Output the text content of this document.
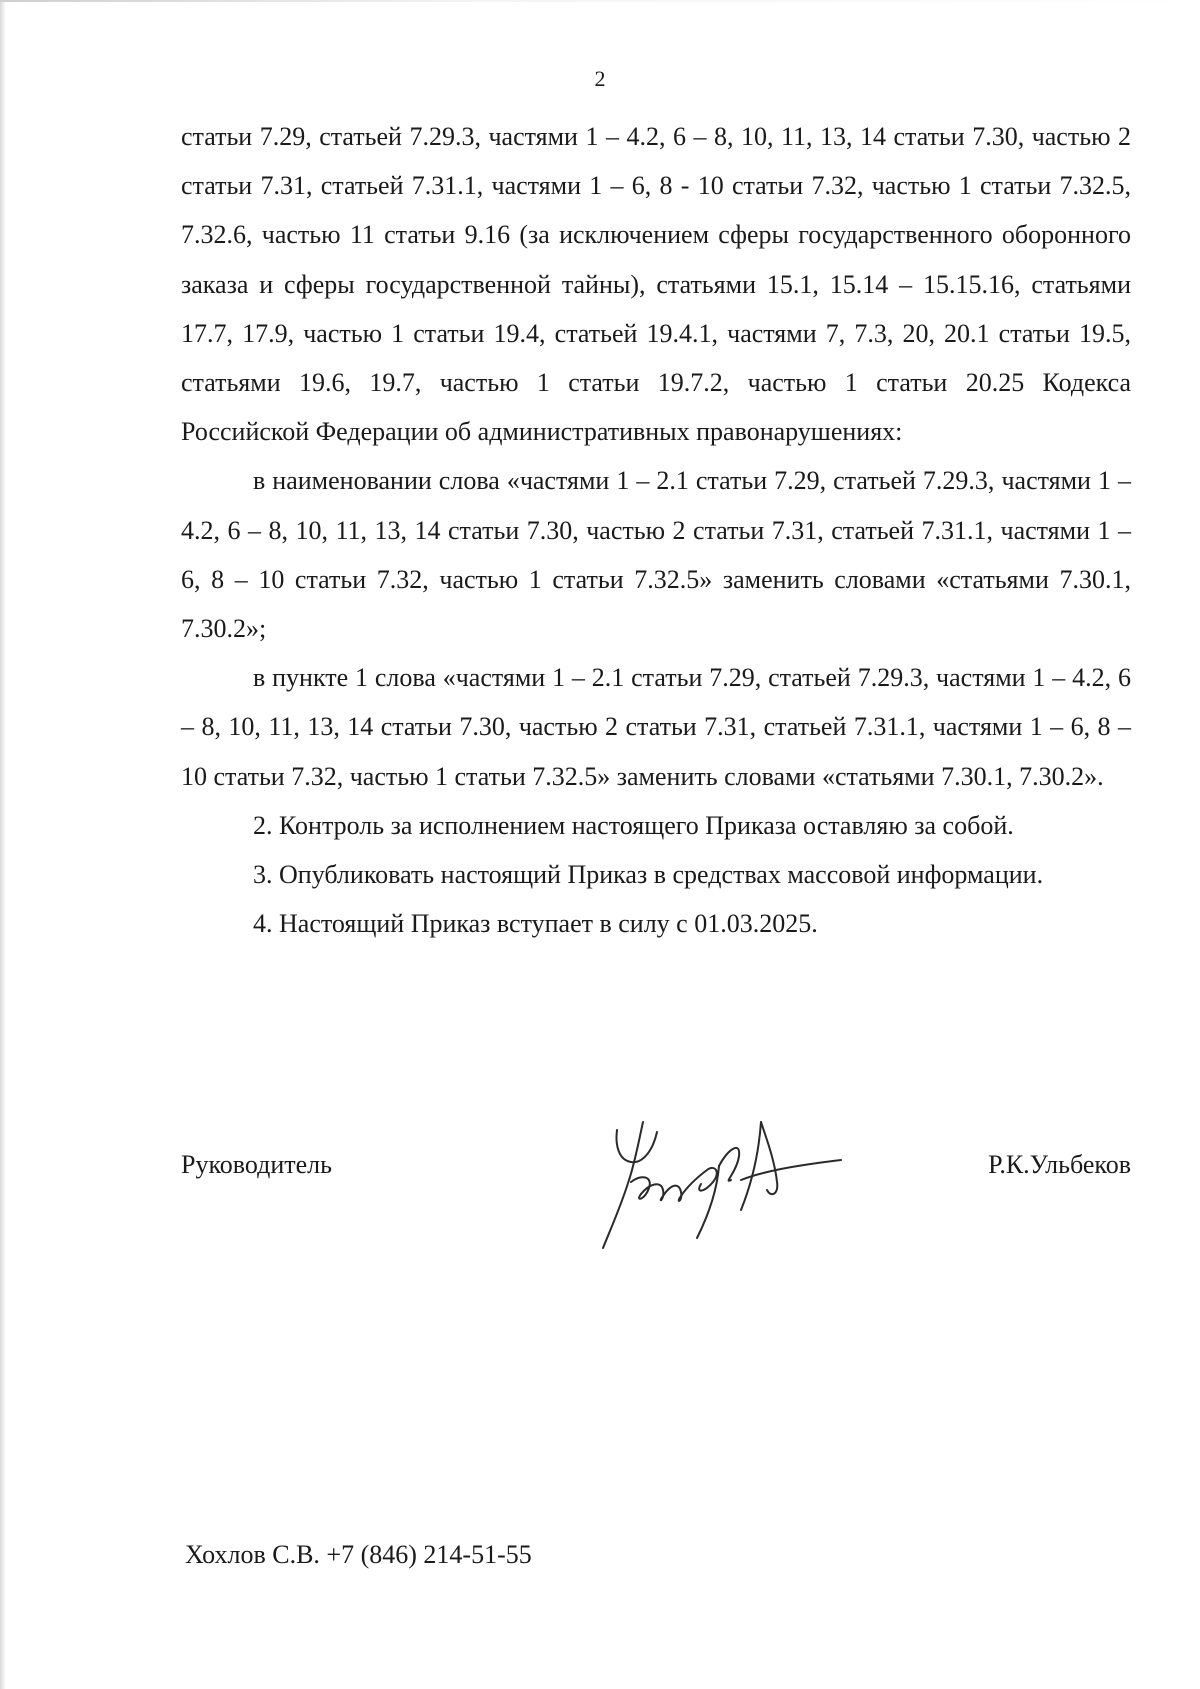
2

статьи 7.29, статьей 7.29.3, частями 1 – 4.2, 6 – 8, 10, 11, 13, 14 статьи 7.30, частью 2 статьи 7.31, статьей 7.31.1, частями 1 – 6, 8 - 10 статьи 7.32, частью 1 статьи 7.32.5, 7.32.6, частью 11 статьи 9.16 (за исключением сферы государственного оборонного заказа и сферы государственной тайны), статьями 15.1, 15.14 – 15.15.16, статьями 17.7, 17.9, частью 1 статьи 19.4, статьей 19.4.1, частями 7, 7.3, 20, 20.1 статьи 19.5, статьями 19.6, 19.7, частью 1 статьи 19.7.2, частью 1 статьи 20.25 Кодекса Российской Федерации об административных правонарушениях:

в наименовании слова «частями 1 – 2.1 статьи 7.29, статьей 7.29.3, частями 1 – 4.2, 6 – 8, 10, 11, 13, 14 статьи 7.30, частью 2 статьи 7.31, статьей 7.31.1, частями 1 – 6, 8 – 10 статьи 7.32, частью 1 статьи 7.32.5» заменить словами «статьями 7.30.1, 7.30.2»;

в пункте 1 слова «частями 1 – 2.1 статьи 7.29, статьей 7.29.3, частями 1 – 4.2, 6 – 8, 10, 11, 13, 14 статьи 7.30, частью 2 статьи 7.31, статьей 7.31.1, частями 1 – 6, 8 – 10 статьи 7.32, частью 1 статьи 7.32.5» заменить словами «статьями 7.30.1, 7.30.2».

2. Контроль за исполнением настоящего Приказа оставляю за собой.

3. Опубликовать настоящий Приказ в средствах массовой информации.

4. Настоящий Приказ вступает в силу с 01.03.2025.

Руководитель	Р.К.Ульбеков
Хохлов С.В. +7 (846) 214-51-55
